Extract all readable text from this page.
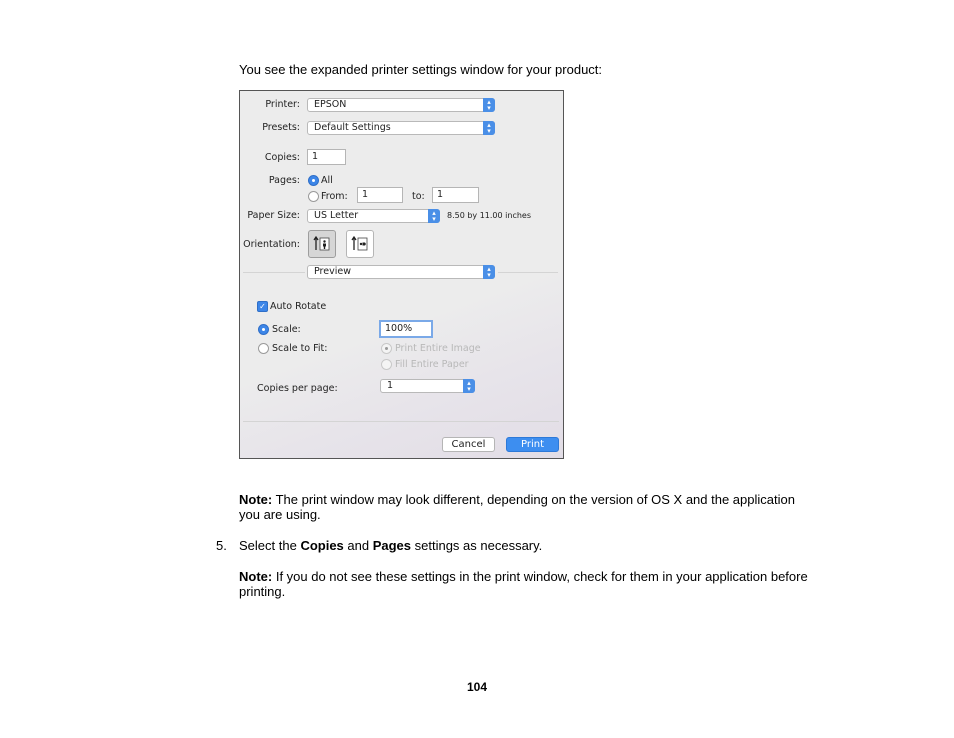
You see the expanded printer settings window for your product:
Printer:	EPSON	▴
▾
Presets:	Default Settings	▴
▾
Copies:	1
Pages: All
From:	1	to:	1
Paper Size:	US Letter	▴
▾	8.50 by 11.00 inches
Orientation:
Preview	▴
▾
✓ Auto Rotate
Scale:	100%
Scale to Fit:	Print Entire Image
Fill Entire Paper
Copies per page:	1	▴
▾
Cancel	Print
Note: The print window may look different, depending on the version of OS X and the application you are using.
5. Select the Copies and Pages settings as necessary.
Note: If you do not see these settings in the print window, check for them in your application before printing.
104
